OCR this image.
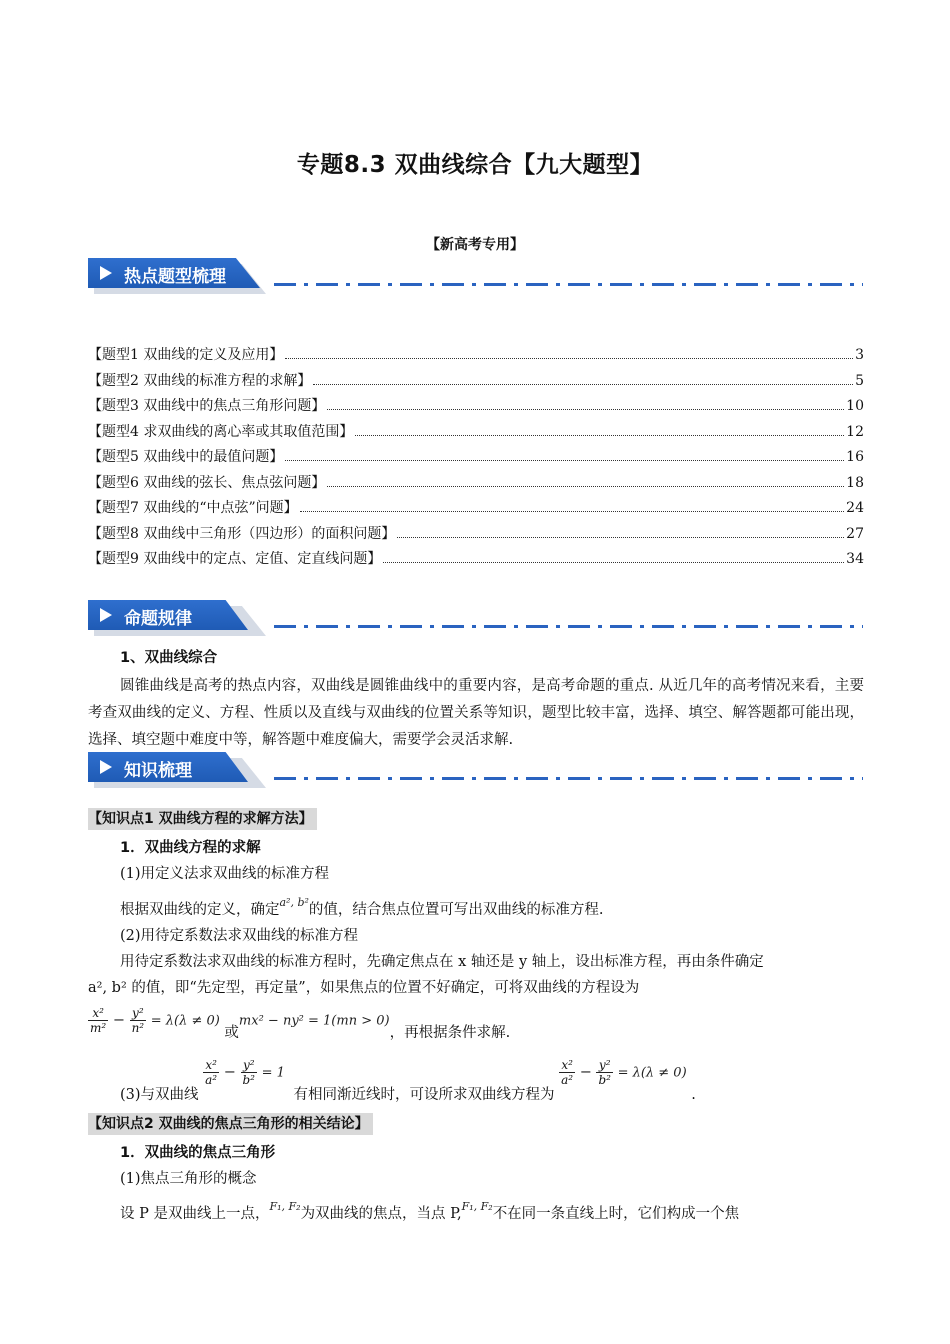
专题8.3 双曲线综合【九大题型】
【新高考专用】
热点题型梳理
【题型1 双曲线的定义及应用】	3
【题型2 双曲线的标准方程的求解】	5
【题型3 双曲线中的焦点三角形问题】	10
【题型4 求双曲线的离心率或其取值范围】	12
【题型5 双曲线中的最值问题】	16
【题型6 双曲线的弦长、焦点弦问题】	18
【题型7 双曲线的“中点弦”问题】	24
【题型8 双曲线中三角形（四边形）的面积问题】	27
【题型9 双曲线中的定点、定值、定直线问题】	34
命题规律
1、双曲线综合
圆锥曲线是高考的热点内容，双曲线是圆锥曲线中的重要内容，是高考命题的重点. 从近几年的高考情况来看，主要考查双曲线的定义、方程、性质以及直线与双曲线的位置关系等知识，题型比较丰富，选择、填空、解答题都可能出现，选择、填空题中难度中等，解答题中难度偏大，需要学会灵活求解.
知识梳理
【知识点1 双曲线方程的求解方法】
1．双曲线方程的求解
(1)用定义法求双曲线的标准方程
根据双曲线的定义，确定$^{a^2, b^2}$的值，结合焦点位置可写出双曲线的标准方程.
(2)用待定系数法求双曲线的标准方程
用待定系数法求双曲线的标准方程时，先确定焦点在 x 轴还是 y 轴上，设出标准方程，再由条件确定
a², b² 的值，即“先定型，再定量”，如果焦点的位置不好确定，可将双曲线的方程设为
$\frac{\text{x²}}{\text{m²}} - \frac{\text{y²}}{\text{n²}} = \lambda(\lambda \ne 0)$ 或mx² − ny² = 1(mn > 0)，再根据条件求解.
(3)与双曲线
$\frac{\text{x²}}{\text{a²}} - \frac{\text{y²}}{\text{b²}} = 1$ 有相同渐近线时，可设所求双曲线方程为
$\frac{\text{x²}}{\text{a²}} - \frac{\text{y²}}{\text{b²}} = \lambda(\lambda \ne 0)$ .
【知识点2 双曲线的焦点三角形的相关结论】
1．双曲线的焦点三角形
(1)焦点三角形的概念
设 P 是双曲线上一点，$^{F_1, F_2}$为双曲线的焦点，当点 P,$^{F_1, F_2}$不在同一条直线上时，它们构成一个焦
